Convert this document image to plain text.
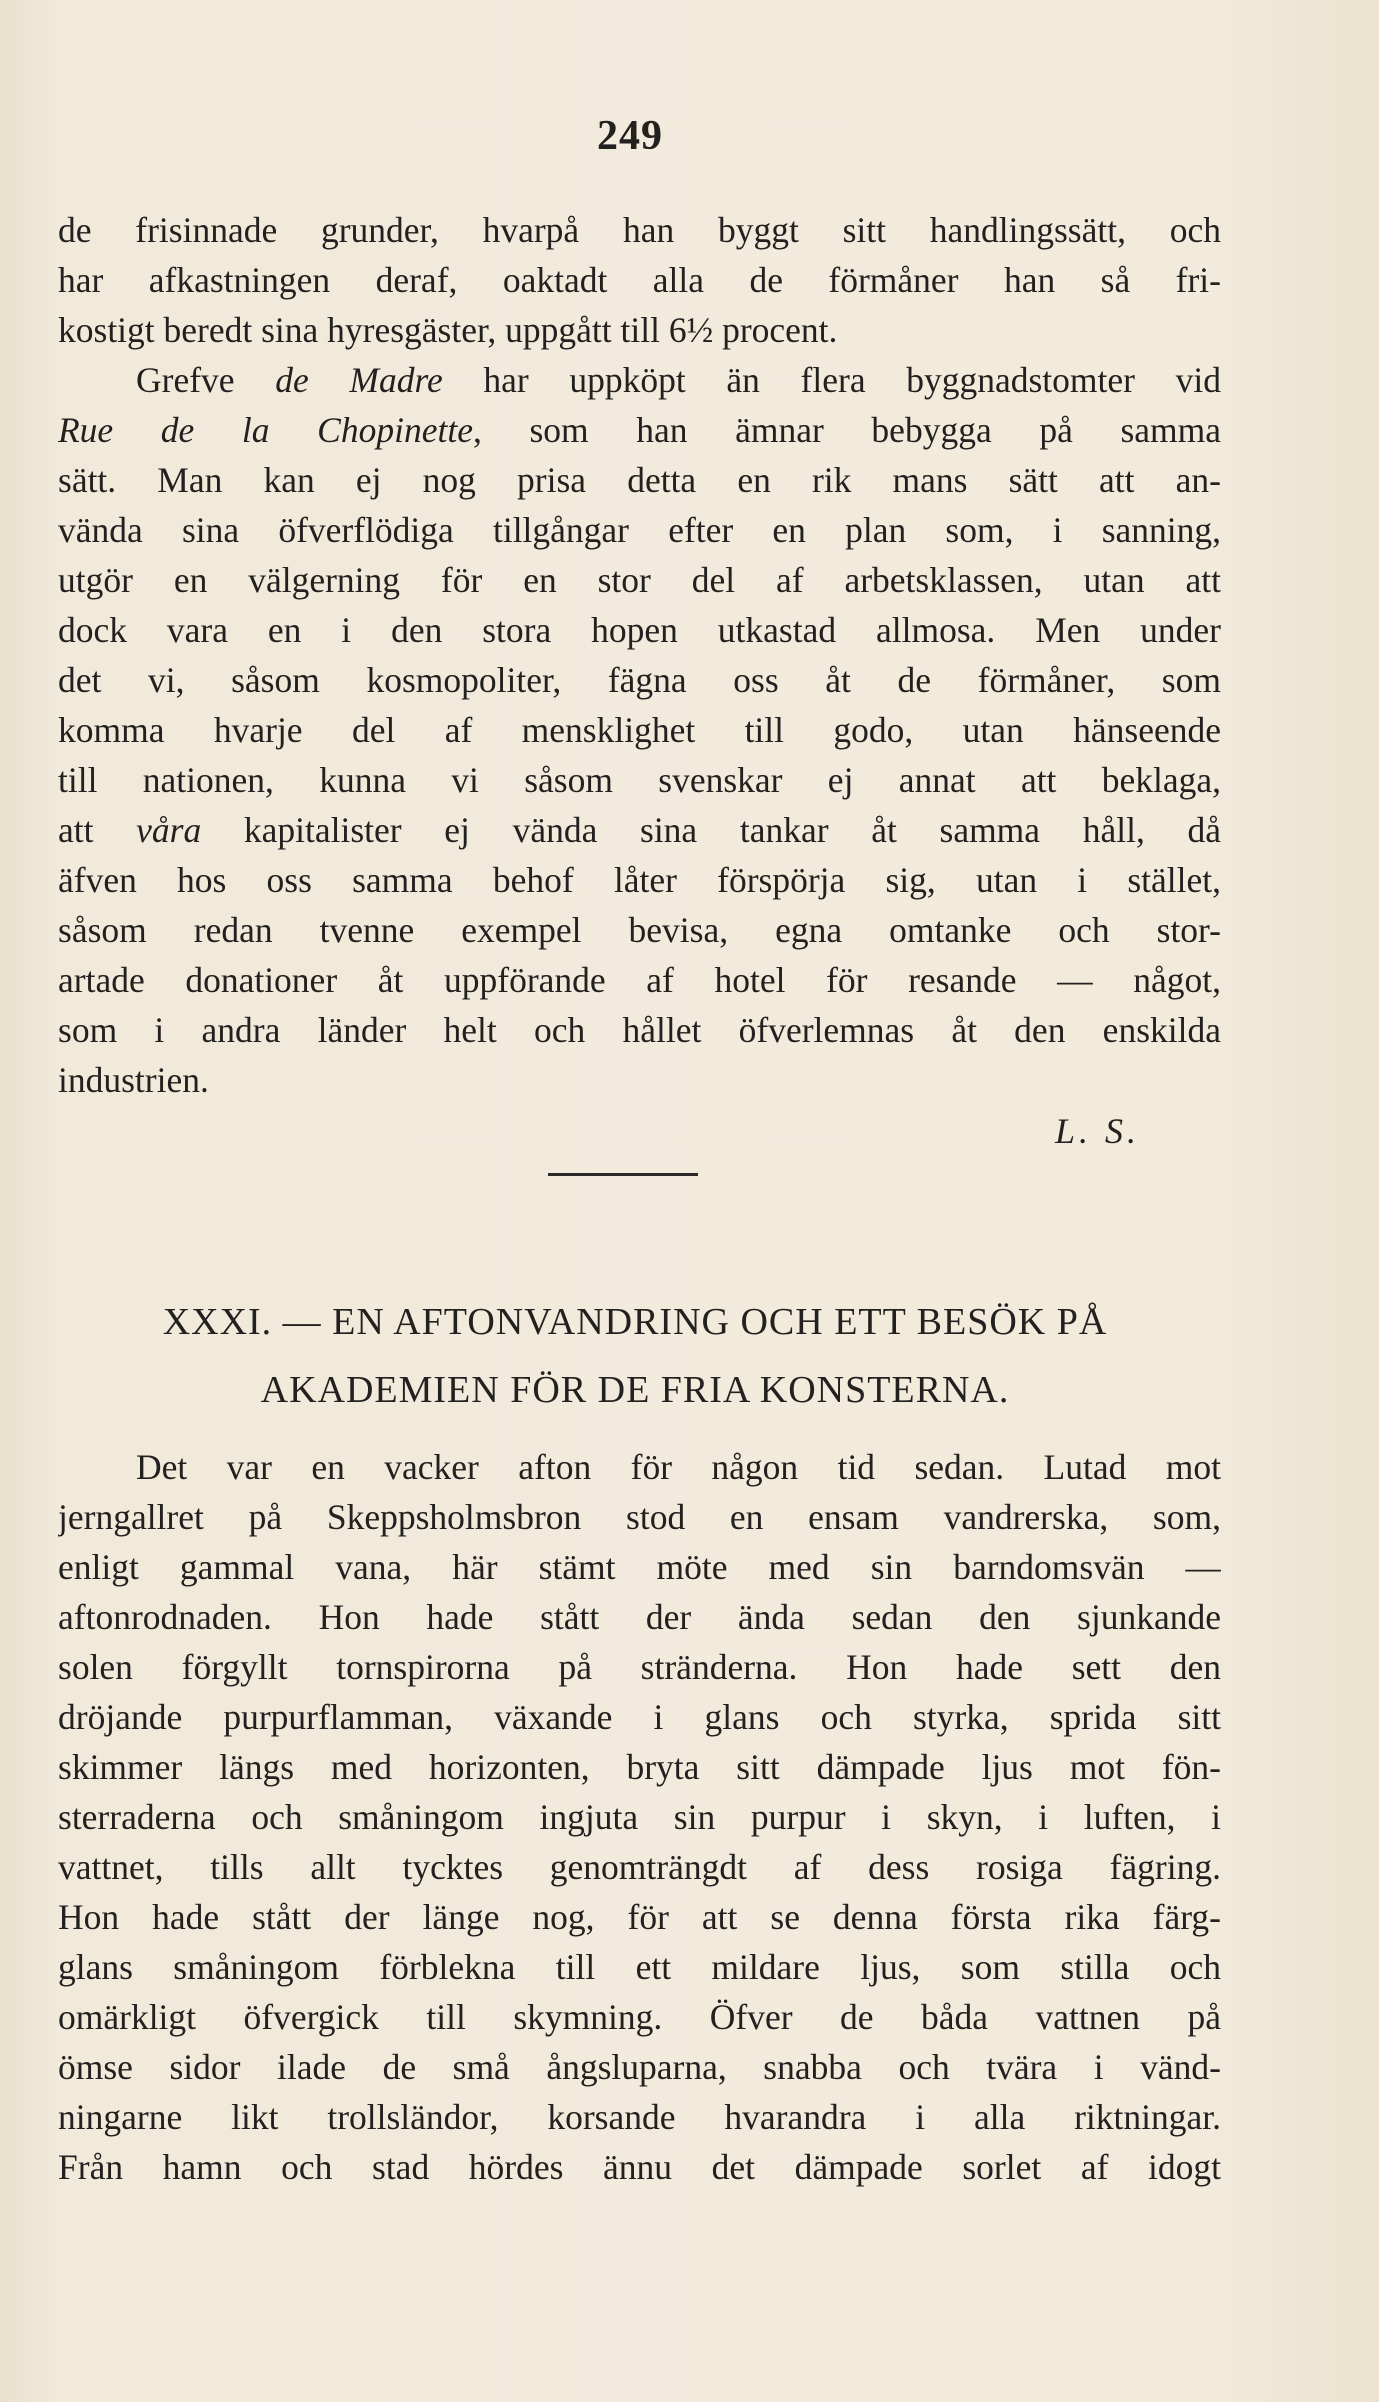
249
de frisinnade grunder, hvarpå han byggt sitt handlingssätt, och
har afkastningen deraf, oaktadt alla de förmåner han så fri-
kostigt beredt sina hyresgäster, uppgått till 6½ procent.
Grefve de Madre har uppköpt än flera byggnadstomter vid
Rue de la Chopinette, som han ämnar bebygga på samma
sätt. Man kan ej nog prisa detta en rik mans sätt att an-
vända sina öfverflödiga tillgångar efter en plan som, i sanning,
utgör en välgerning för en stor del af arbetsklassen, utan att
dock vara en i den stora hopen utkastad allmosa. Men under
det vi, såsom kosmopoliter, fägna oss åt de förmåner, som
komma hvarje del af mensklighet till godo, utan hänseende
till nationen, kunna vi såsom svenskar ej annat att beklaga,
att våra kapitalister ej vända sina tankar åt samma håll, då
äfven hos oss samma behof låter förspörja sig, utan i stället,
såsom redan tvenne exempel bevisa, egna omtanke och stor-
artade donationer åt uppförande af hotel för resande — något,
som i andra länder helt och hållet öfverlemnas åt den enskilda
industrien.
L. S.
XXXI. — EN AFTONVANDRING OCH ETT BESÖK PÅ
AKADEMIEN FÖR DE FRIA KONSTERNA.
Det var en vacker afton för någon tid sedan. Lutad mot
jerngallret på Skeppsholmsbron stod en ensam vandrerska, som,
enligt gammal vana, här stämt möte med sin barndomsvän —
aftonrodnaden. Hon hade stått der ända sedan den sjunkande
solen förgyllt tornspirorna på stränderna. Hon hade sett den
dröjande purpurflamman, växande i glans och styrka, sprida sitt
skimmer längs med horizonten, bryta sitt dämpade ljus mot fön-
sterraderna och småningom ingjuta sin purpur i skyn, i luften, i
vattnet, tills allt tycktes genomträngdt af dess rosiga fägring.
Hon hade stått der länge nog, för att se denna första rika färg-
glans småningom förblekna till ett mildare ljus, som stilla och
omärkligt öfvergick till skymning. Öfver de båda vattnen på
ömse sidor ilade de små ångsluparna, snabba och tvära i vänd-
ningarne likt trollsländor, korsande hvarandra i alla riktningar.
Från hamn och stad hördes ännu det dämpade sorlet af idogt
